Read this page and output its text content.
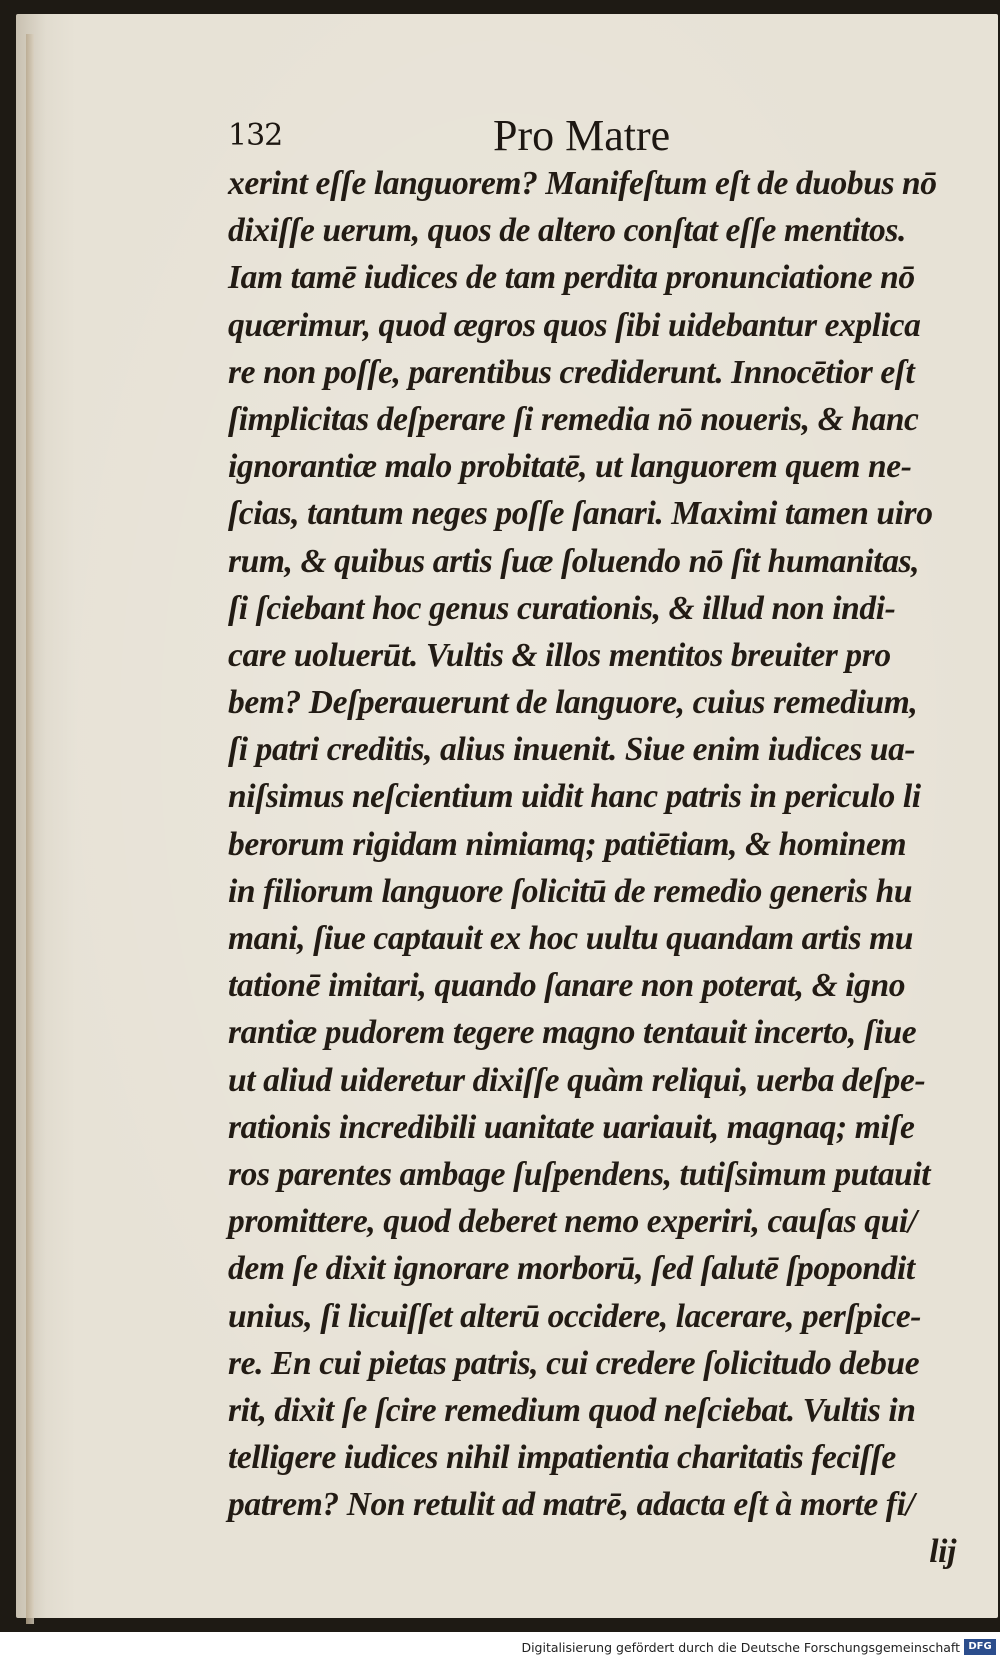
132	Pro Matre
xerint eſſe languorem? Manifeſtum eſt de duobus nō
dixiſſe uerum, quos de altero conſtat eſſe mentitos.
Iam tamē iudices de tam perdita pronunciatione nō
quærimur, quod ægros quos ſibi uidebantur explica
re non poſſe, parentibus crediderunt. Innocētior eſt
ſimplicitas deſperare ſi remedia nō noueris, & hanc
ignorantiæ malo probitatē, ut languorem quem ne-
ſcias, tantum neges poſſe ſanari. Maximi tamen uiro
rum, & quibus artis ſuæ ſoluendo nō ſit humanitas,
ſi ſciebant hoc genus curationis, & illud non indi-
care uoluerūt. Vultis & illos mentitos breuiter pro
bem? Deſperauerunt de languore, cuius remedium,
ſi patri creditis, alius inuenit. Siue enim iudices ua-
niſsimus neſcientium uidit hanc patris in periculo li
berorum rigidam nimiamq; patiētiam, & hominem
in filiorum languore ſolicitū de remedio generis hu
mani, ſiue captauit ex hoc uultu quandam artis mu
tationē imitari, quando ſanare non poterat, & igno
rantiæ pudorem tegere magno tentauit incerto, ſiue
ut aliud uideretur dixiſſe quàm reliqui, uerba deſpe-
rationis incredibili uanitate uariauit, magnaq; miſe
ros parentes ambage ſuſpendens, tutiſsimum putauit
promittere, quod deberet nemo experiri, cauſas qui/
dem ſe dixit ignorare morborū, ſed ſalutē ſpopondit
unius, ſi licuiſſet alterū occidere, lacerare, perſpice-
re. En cui pietas patris, cui credere ſolicitudo debue
rit, dixit ſe ſcire remedium quod neſciebat. Vultis in
telligere iudices nihil impatientia charitatis feciſſe
patrem? Non retulit ad matrē, adacta eſt à morte fi/
lij
Digitalisierung gefördert durch die Deutsche Forschungsgemeinschaft DFG
